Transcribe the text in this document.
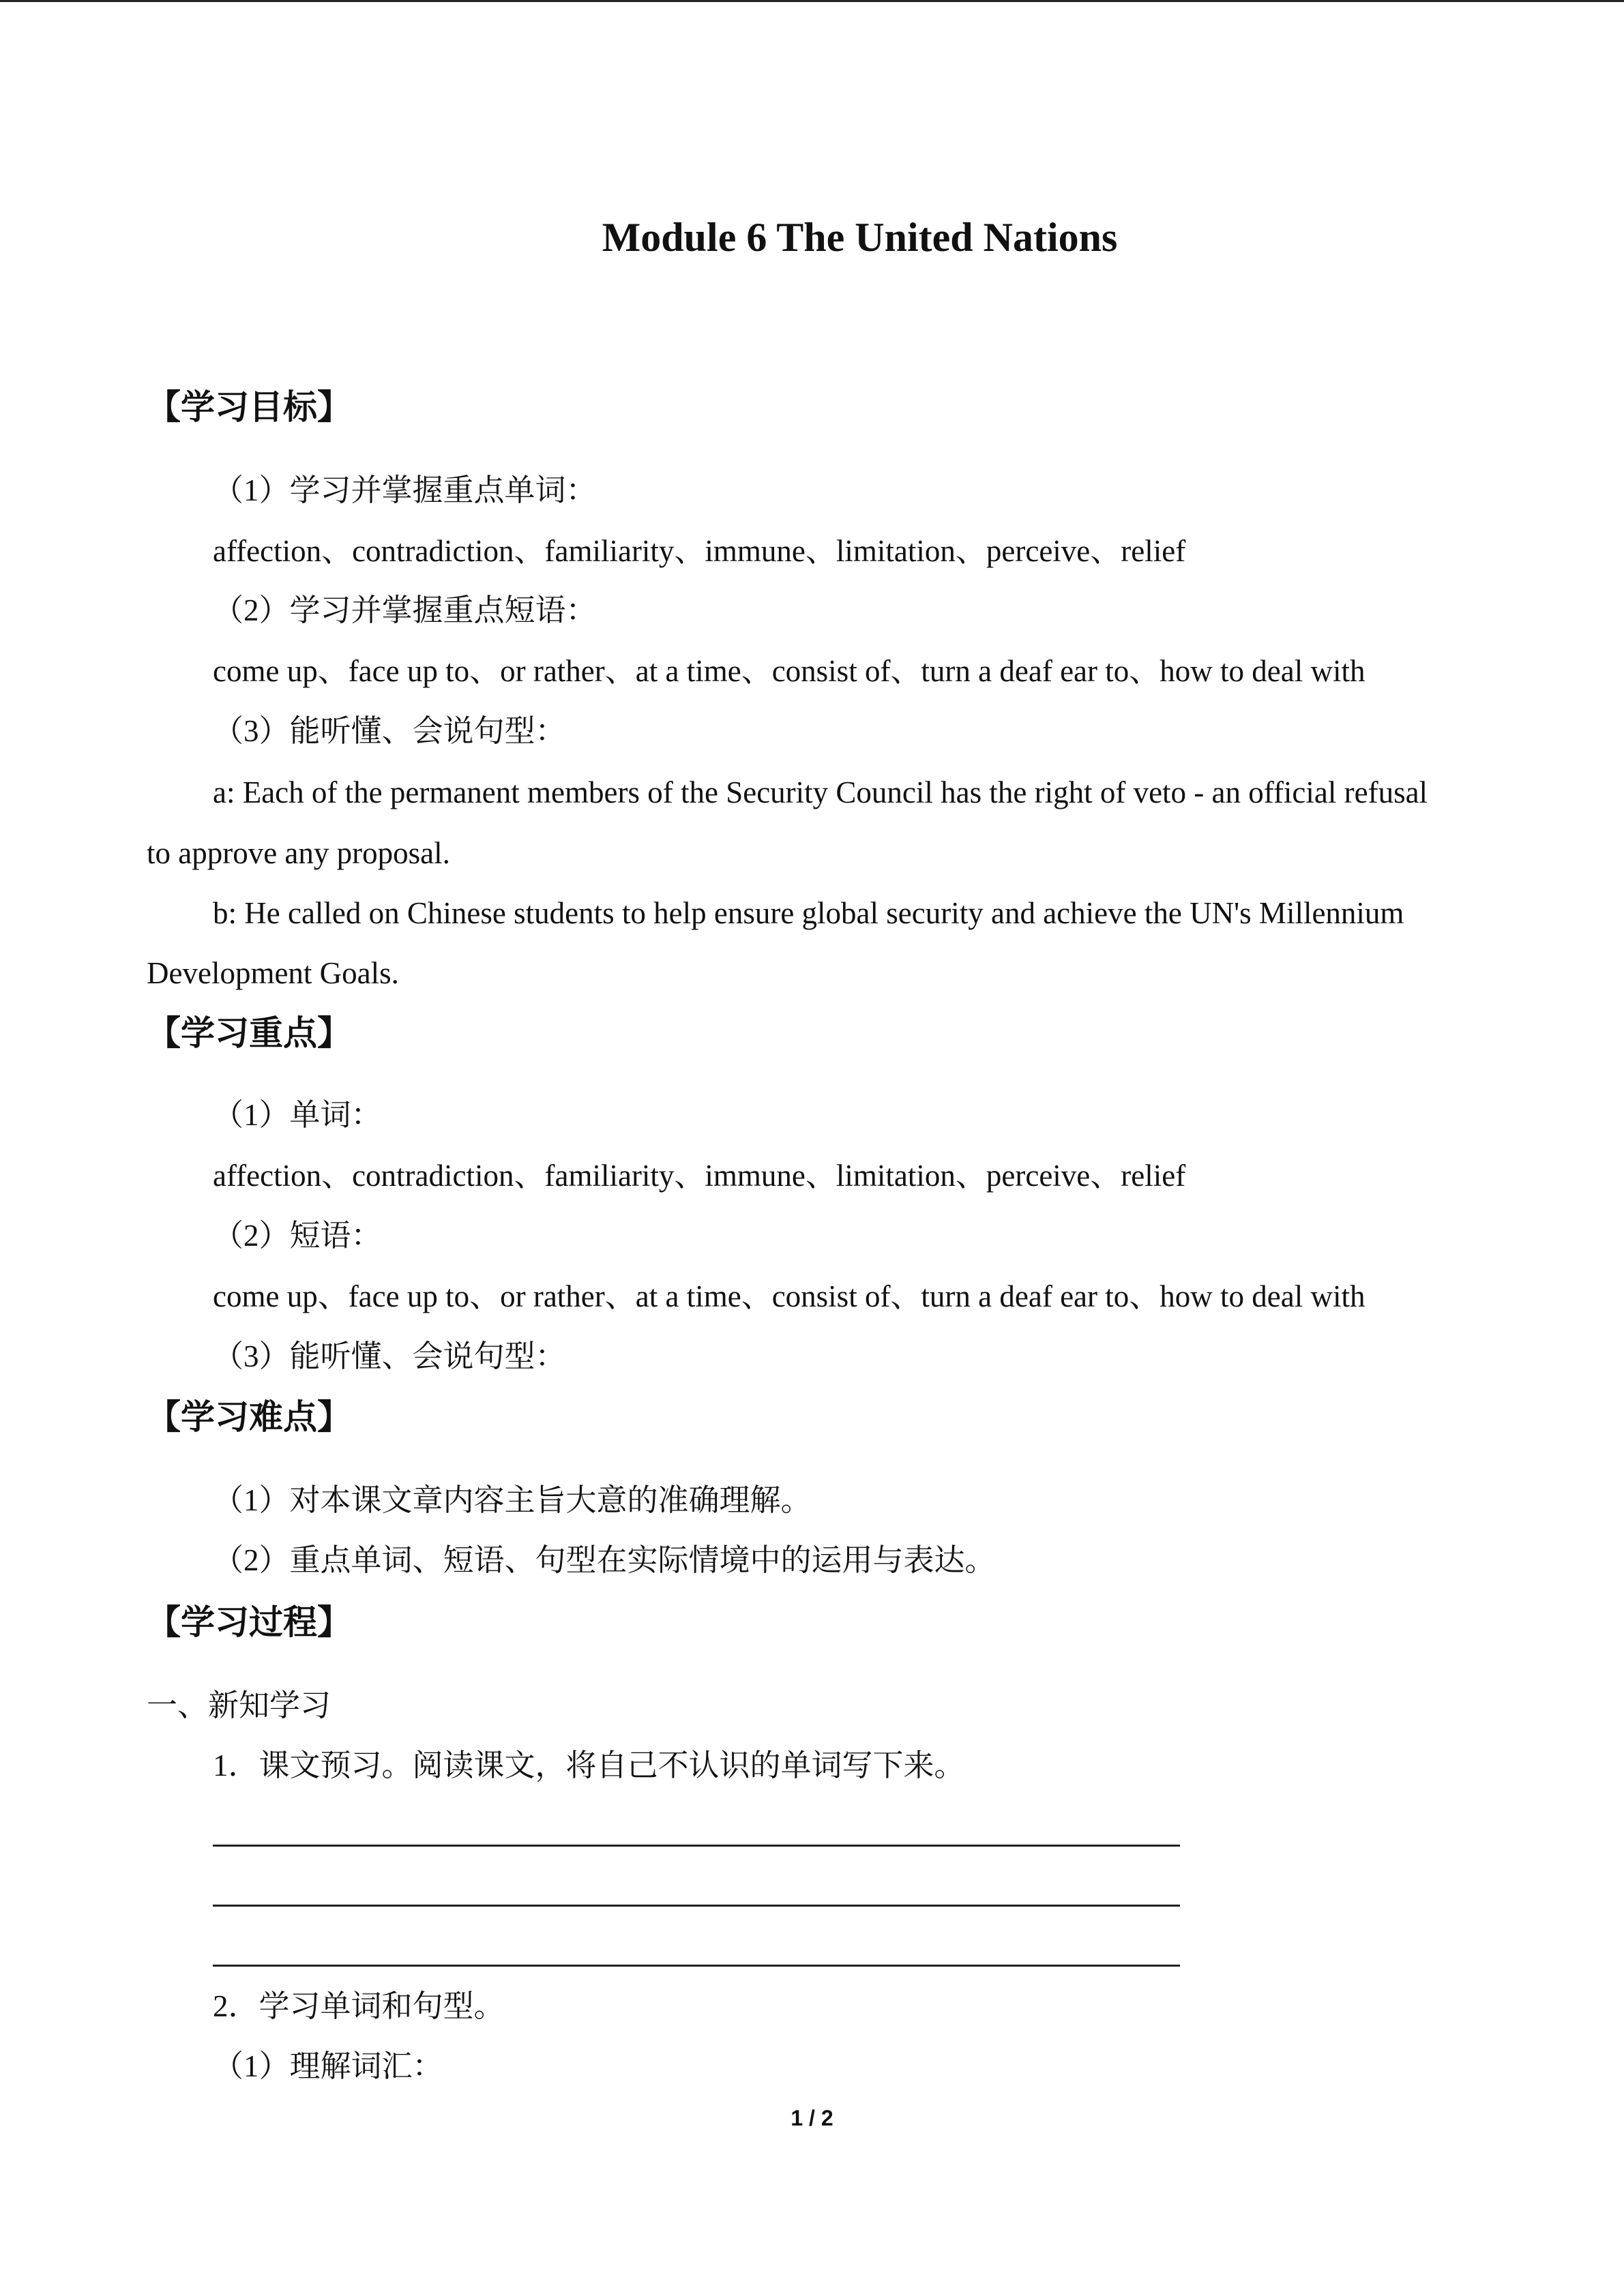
Module 6 The United Nations
【学习目标】
（1）学习并掌握重点单词：
affection、contradiction、familiarity、immune、limitation、perceive、relief
（2）学习并掌握重点短语：
come up、face up to、or rather、at a time、consist of、turn a deaf ear to、how to deal with
（3）能听懂、会说句型：
a: Each of the permanent members of the Security Council has the right of veto - an official refusal
to approve any proposal.
b: He called on Chinese students to help ensure global security and achieve the UN's Millennium
Development Goals.
【学习重点】
（1）单词：
affection、contradiction、familiarity、immune、limitation、perceive、relief
（2）短语：
come up、face up to、or rather、at a time、consist of、turn a deaf ear to、how to deal with
（3）能听懂、会说句型：
【学习难点】
（1）对本课文章内容主旨大意的准确理解。
（2）重点单词、短语、句型在实际情境中的运用与表达。
【学习过程】
一、新知学习
1．课文预习。阅读课文，将自己不认识的单词写下来。
2．学习单词和句型。
（1）理解词汇：
1 / 2
